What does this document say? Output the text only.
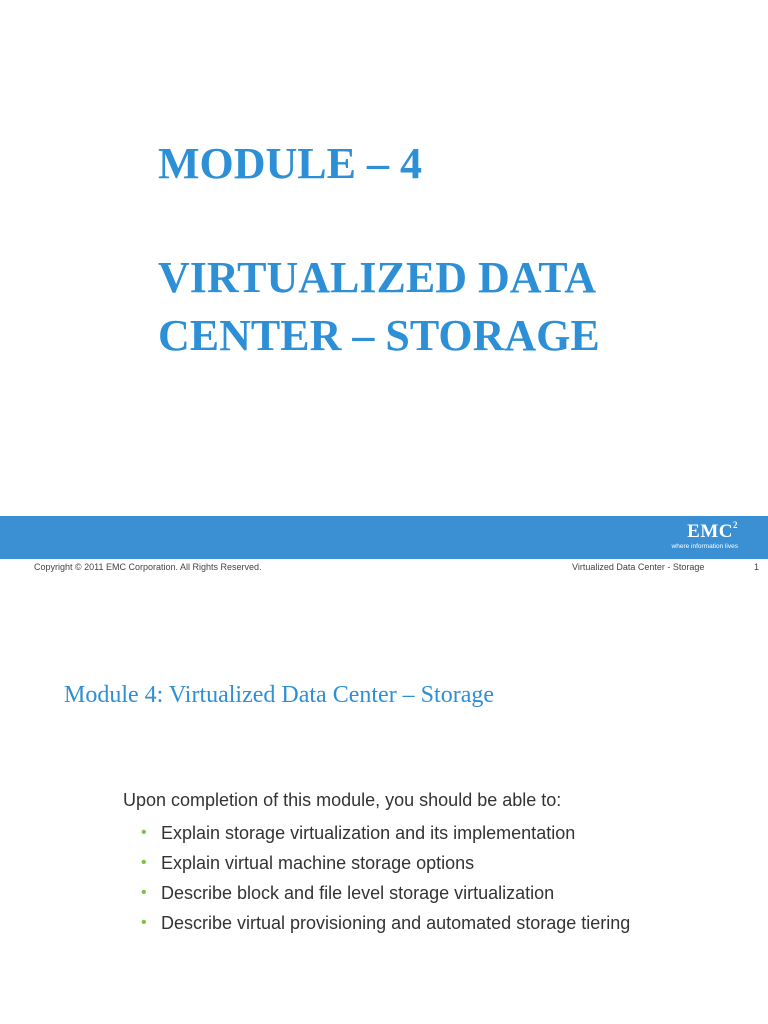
MODULE – 4
VIRTUALIZED DATA
CENTER – STORAGE
EMC$^2$
where information lives
Copyright © 2011 EMC Corporation. All Rights Reserved.	Virtualized Data Center - Storage	1
Module 4: Virtualized Data Center – Storage
Upon completion of this module, you should be able to:
• Explain storage virtualization and its implementation
• Explain virtual machine storage options
• Describe block and file level storage virtualization
• Describe virtual provisioning and automated storage tiering
